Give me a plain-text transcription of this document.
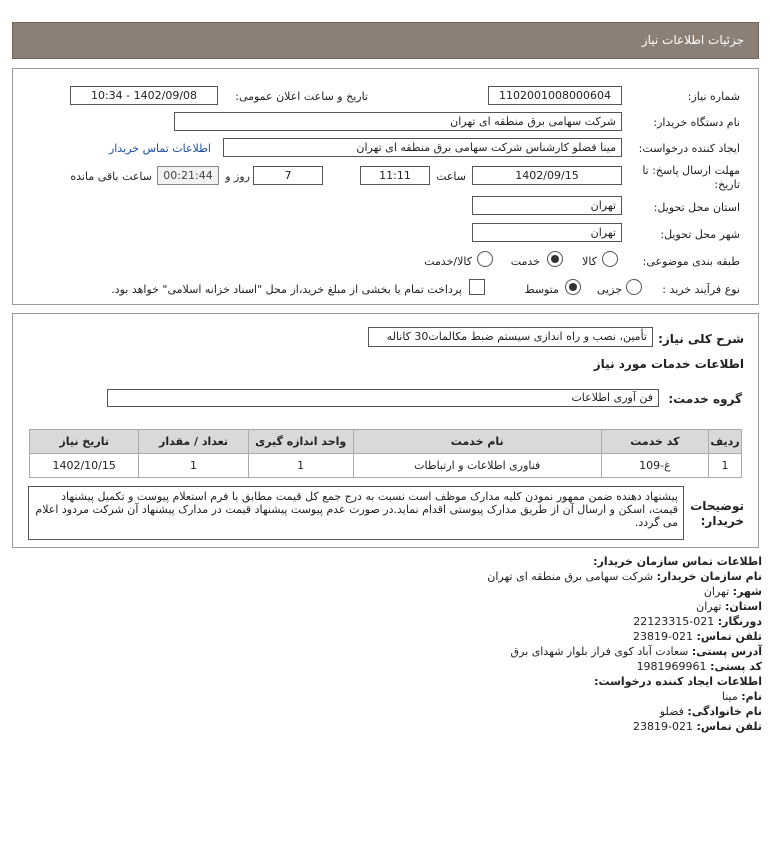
جزئیات اطلاعات نیاز
شماره نیاز:
1102001008000604
تاریخ و ساعت اعلان عمومی:
1402/09/08 - 10:34
نام دستگاه خریدار:
شرکت سهامی برق منطقه ای تهران
ایجاد کننده درخواست:
مینا فضلو کارشناس شرکت سهامی برق منطقه ای تهران
اطلاعات تماس خریدار
مهلت ارسال پاسخ: تا
تاریخ:
1402/09/15
ساعت
11:11
7
روز و
00:21:44
ساعت باقی مانده
استان محل تحویل:
تهران
شهر محل تحویل:
تهران
طبقه بندی موضوعی:
کالا
خدمت
کالا/خدمت
نوع فرآیند خرید :
جزیی
متوسط
پرداخت تمام یا بخشی از مبلغ خرید،از محل "اسناد خزانه اسلامی" خواهد بود.
شرح کلی نیاز:
تأمین، نصب و راه اندازی سیستم ضبط مکالمات30 کاناله
اطلاعات خدمات مورد نیاز
گروه خدمت:
فن آوری اطلاعات
ردیف	کد خدمت	نام خدمت	واحد اندازه گیری	تعداد / مقدار	تاریخ نیاز
1	غ-109	فناوری اطلاعات و ارتباطات	1	1	1402/10/15
توضیحات
خریدار:
پیشنهاد دهنده ضمن ممهور نمودن کلیه مدارک موظف است نسبت به درج جمع کل قیمت مطابق با فرم استعلام پیوست و تکمیل پیشنهاد قیمت، اسکن و ارسال آن از طریق مدارک پیوستی اقدام نماید.در صورت عدم پیوست پیشنهاد قیمت در مدارک پیشنهاد آن شرکت مردود اعلام می گردد.
اطلاعات تماس سازمان خریدار:
نام سازمان خریدار: شرکت سهامی برق منطقه ای تهران
شهر: تهران
استان: تهران
دورنگار: 021-22123315
تلفن تماس: 021-23819
آدرس پستی: سعادت آباد کوی فراز بلوار شهدای برق
کد پستی: 1981969961
اطلاعات ایجاد کننده درخواست:
نام: مینا
نام خانوادگی: فضلو
تلفن تماس: 021-23819
